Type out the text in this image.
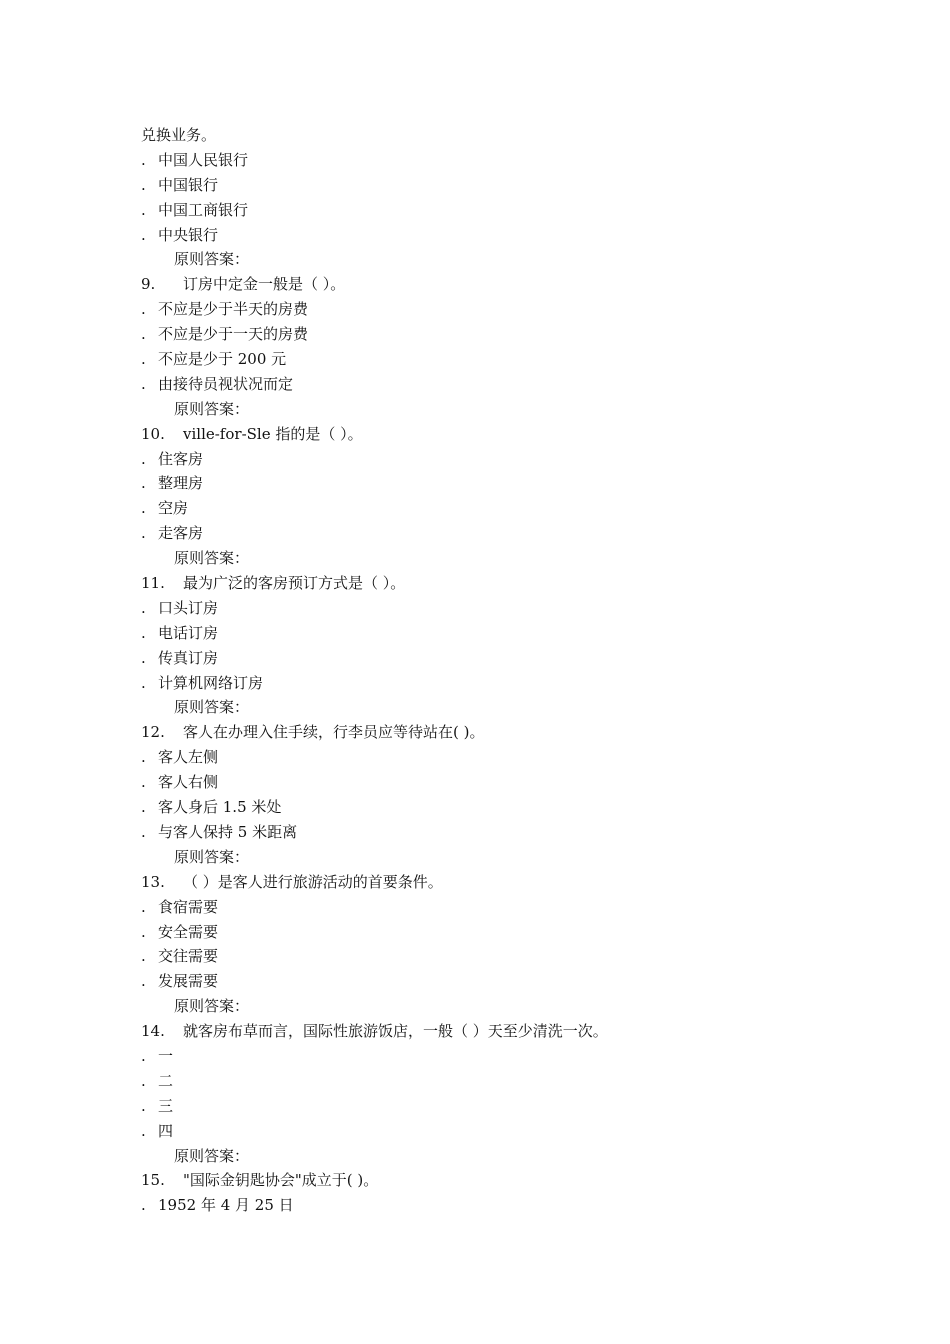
兑换业务。
. 中国人民银行
. 中国银行
. 中国工商银行
. 中央银行
原则答案：
9. 订房中定金一般是（ ）。
. 不应是少于半天的房费
. 不应是少于一天的房费
. 不应是少于 200 元
. 由接待员视状况而定
原则答案：
10. ville-for-Sle 指的是（ ）。
. 住客房
. 整理房
. 空房
. 走客房
原则答案：
11. 最为广泛的客房预订方式是（ ）。
. 口头订房
. 电话订房
. 传真订房
. 计算机网络订房
原则答案：
12. 客人在办理入住手续，行李员应等待站在( )。
. 客人左侧
. 客人右侧
. 客人身后 1.5 米处
. 与客人保持 5 米距离
原则答案：
13. （ ）是客人进行旅游活动的首要条件。
. 食宿需要
. 安全需要
. 交往需要
. 发展需要
原则答案：
14. 就客房布草而言，国际性旅游饭店，一般（ ）天至少清洗一次。
. 一
. 二
. 三
. 四
原则答案：
15. "国际金钥匙协会"成立于( )。
. 1952 年 4 月 25 日
